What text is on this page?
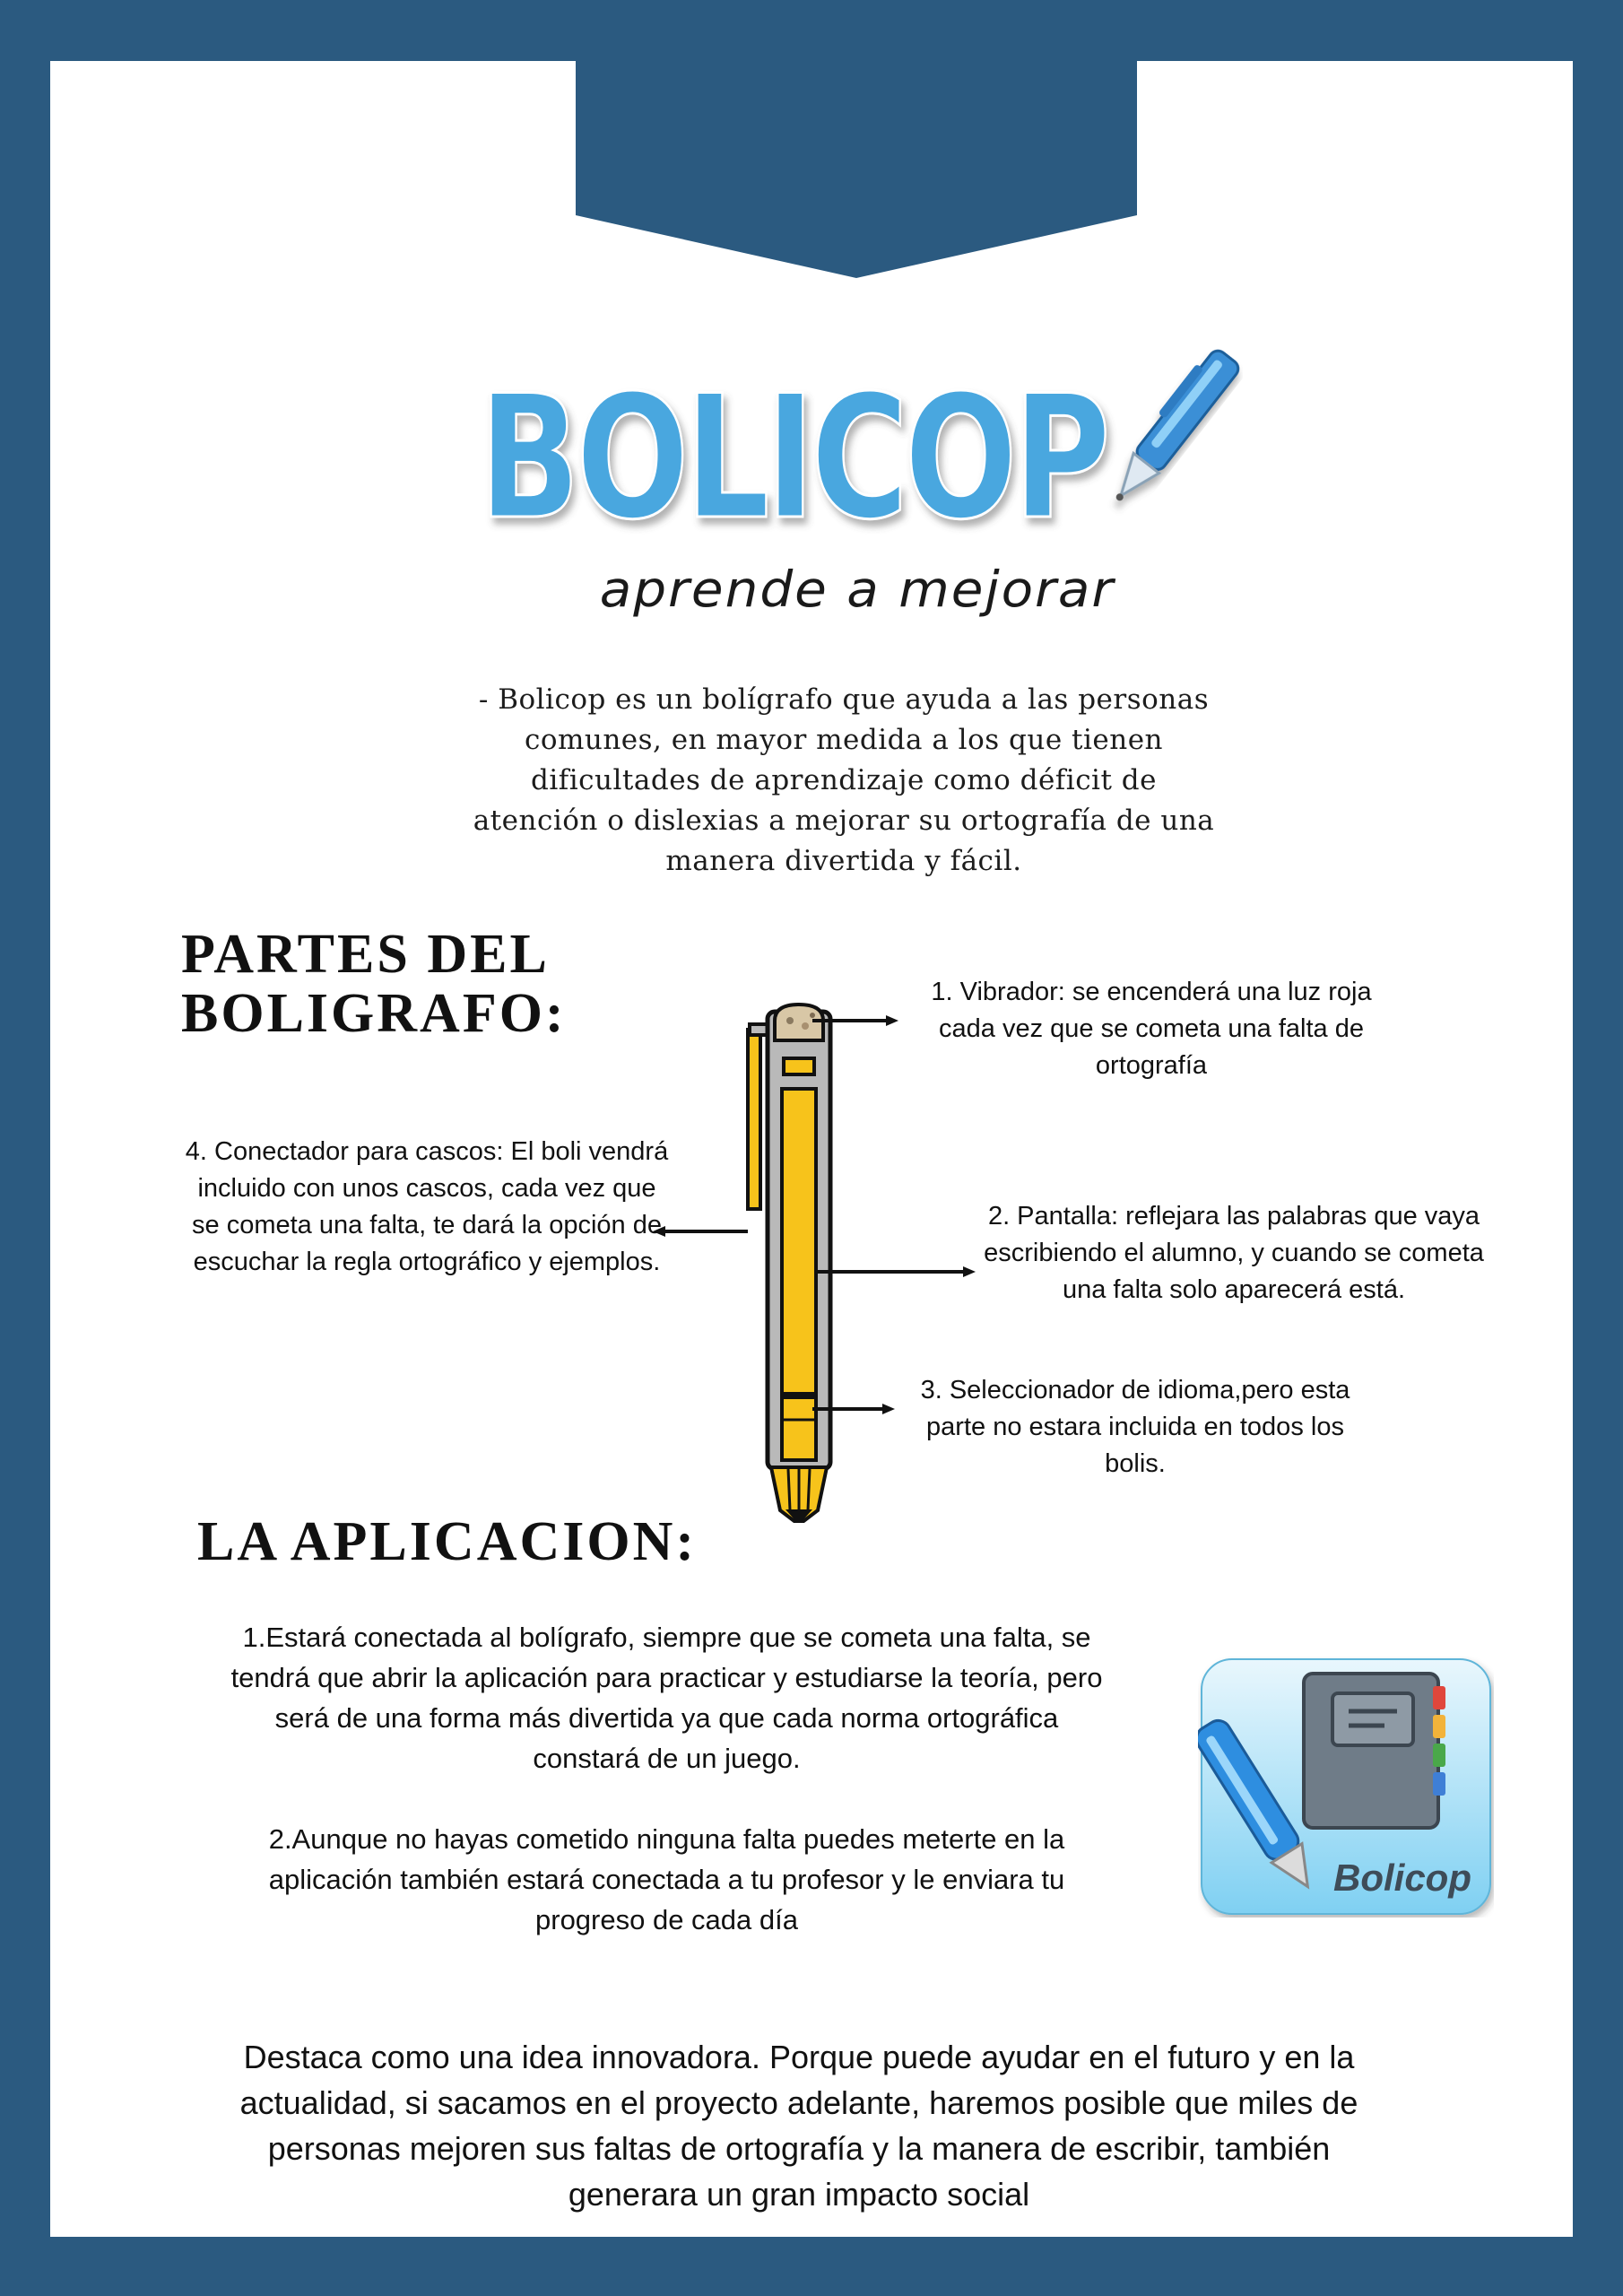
BOLICOP
aprende a mejorar
- Bolicop es un bolígrafo que ayuda a las personas comunes, en mayor medida a los que tienen dificultades de aprendizaje como déficit de atención o dislexias a mejorar su ortografía de una manera divertida y fácil.
PARTES DEL BOLIGRAFO:	1. Vibrador: se encenderá una luz roja cada vez que se cometa una falta de ortografía
2. Pantalla: reflejara las palabras que vaya escribiendo el alumno, y cuando se cometa una falta solo aparecerá está.
3. Seleccionador de idioma,pero esta parte no estara incluida en todos los bolis.
4. Conectador para cascos: El boli vendrá incluido con unos cascos, cada vez que se cometa una falta, te dará la opción de escuchar la regla ortográfico y ejemplos.
LA APLICACION:
1.Estará conectada al bolígrafo, siempre que se cometa una falta, se tendrá que abrir la aplicación para practicar y estudiarse la teoría, pero será de una forma más divertida ya que cada norma ortográfica constará de un juego.
2.Aunque no hayas cometido ninguna falta puedes meterte en la aplicación también estará conectada a tu profesor y le enviara tu progreso de cada día
Bolicop
Destaca como una idea innovadora. Porque puede ayudar en el futuro y en la actualidad, si sacamos en el proyecto adelante, haremos posible que miles de personas mejoren sus faltas de ortografía y la manera de escribir, también generara un gran impacto social
